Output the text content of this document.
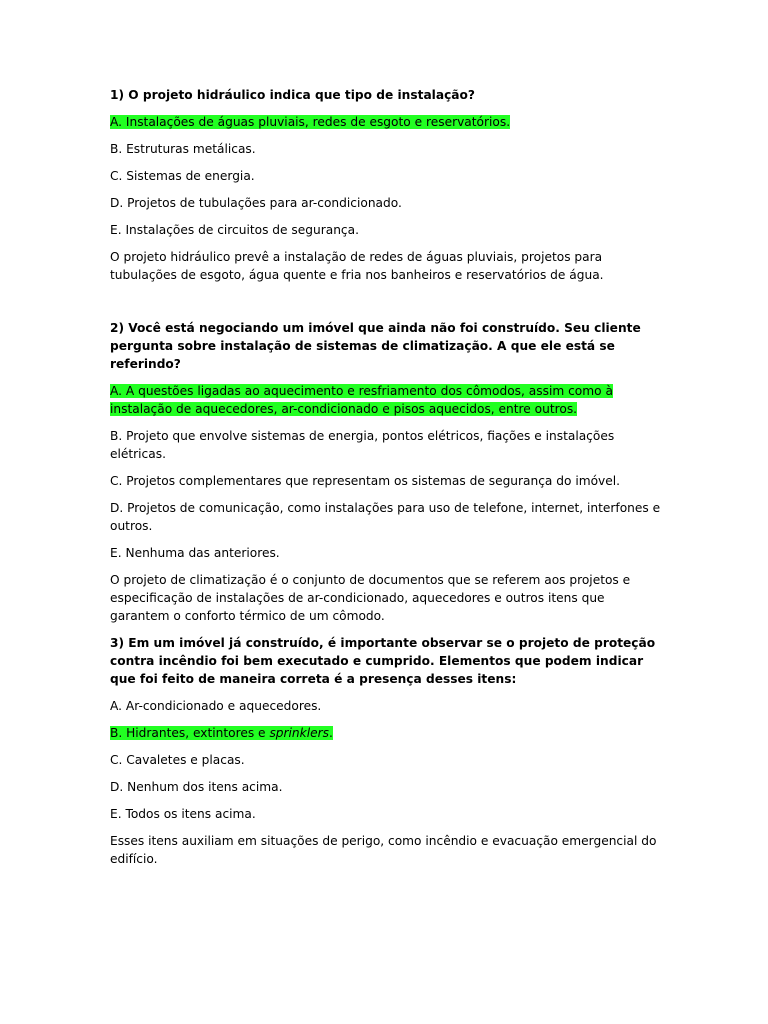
1) O projeto hidráulico indica que tipo de instalação?

A. Instalações de águas pluviais, redes de esgoto e reservatórios.

B. Estruturas metálicas.

C. Sistemas de energia.

D. Projetos de tubulações para ar-condicionado.

E. Instalações de circuitos de segurança.

O projeto hidráulico prevê a instalação de redes de águas pluviais, projetos para tubulações de esgoto, água quente e fria nos banheiros e reservatórios de água.

2) Você está negociando um imóvel que ainda não foi construído. Seu cliente pergunta sobre instalação de sistemas de climatização. A que ele está se referindo?

A. A questões ligadas ao aquecimento e resfriamento dos cômodos, assim como à instalação de aquecedores, ar-condicionado e pisos aquecidos, entre outros.

B. Projeto que envolve sistemas de energia, pontos elétricos, fiações e instalações elétricas.

C. Projetos complementares que representam os sistemas de segurança do imóvel.

D. Projetos de comunicação, como instalações para uso de telefone, internet, interfones e outros.

E. Nenhuma das anteriores.

O projeto de climatização é o conjunto de documentos que se referem aos projetos e especificação de instalações de ar-condicionado, aquecedores e outros itens que garantem o conforto térmico de um cômodo.

3) Em um imóvel já construído, é importante observar se o projeto de proteção contra incêndio foi bem executado e cumprido. Elementos que podem indicar que foi feito de maneira correta é a presença desses itens:

A. Ar-condicionado e aquecedores.

B. Hidrantes, extintores e sprinklers.

C. Cavaletes e placas.

D. Nenhum dos itens acima.

E. Todos os itens acima.

Esses itens auxiliam em situações de perigo, como incêndio e evacuação emergencial do edifício.
